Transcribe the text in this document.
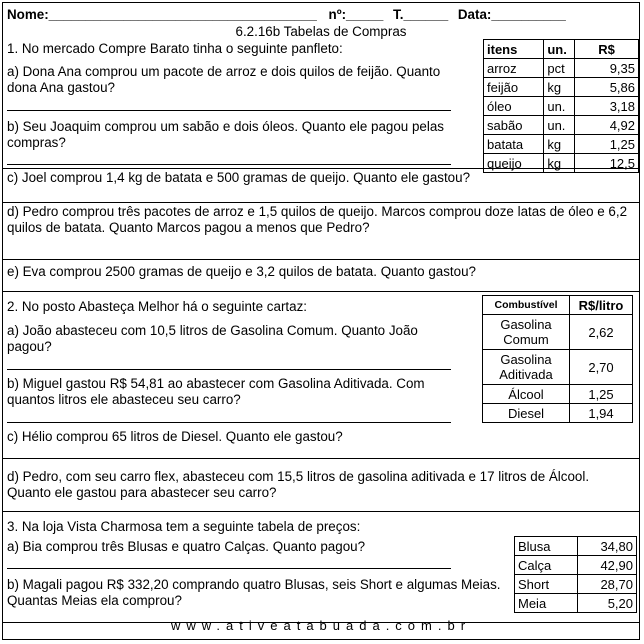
Nome:____________________________________ nº:_____ T.______ Data:__________
6.2.16b Tabelas de Compras
1. No mercado Compre Barato tinha o seguinte panfleto:	itens	un.	R$
arroz	pct	9,35
feijão	kg	5,86
óleo	un.	3,18
sabão	un.	4,92
batata	kg	1,25
queijo	kg	12,5
a) Dona Ana comprou um pacote de arroz e dois quilos de feijão. Quanto dona Ana gastou?
b) Seu Joaquim comprou um sabão e dois óleos. Quanto ele pagou pelas compras?
c) Joel comprou 1,4 kg de batata e 500 gramas de queijo. Quanto ele gastou?
d) Pedro comprou três pacotes de arroz e 1,5 quilos de queijo. Marcos comprou doze latas de óleo e 6,2 quilos de batata. Quanto Marcos pagou a menos que Pedro?
e) Eva comprou 2500 gramas de queijo e 3,2 quilos de batata. Quanto gastou?
2. No posto Abasteça Melhor há o seguinte cartaz:	Combustível	R$/litro
Gasolina Comum	2,62
Gasolina Aditivada	2,70
Álcool	1,25
Diesel	1,94
a) João abasteceu com 10,5 litros de Gasolina Comum. Quanto João pagou?
b) Miguel gastou R$ 54,81 ao abastecer com Gasolina Aditivada. Com quantos litros ele abasteceu seu carro?
c) Hélio comprou 65 litros de Diesel. Quanto ele gastou?
d) Pedro, com seu carro flex, abasteceu com 15,5 litros de gasolina aditivada e 17 litros de Álcool. Quanto ele gastou para abastecer seu carro?
3. Na loja Vista Charmosa tem a seguinte tabela de preços:
Blusa	34,80
Calça	42,90
Short	28,70
Meia	5,20
a) Bia comprou três Blusas e quatro Calças. Quanto pagou?
b) Magali pagou R$ 332,20 comprando quatro Blusas, seis Short e algumas Meias. Quantas Meias ela comprou?
www.ativeatabuada.com.br
